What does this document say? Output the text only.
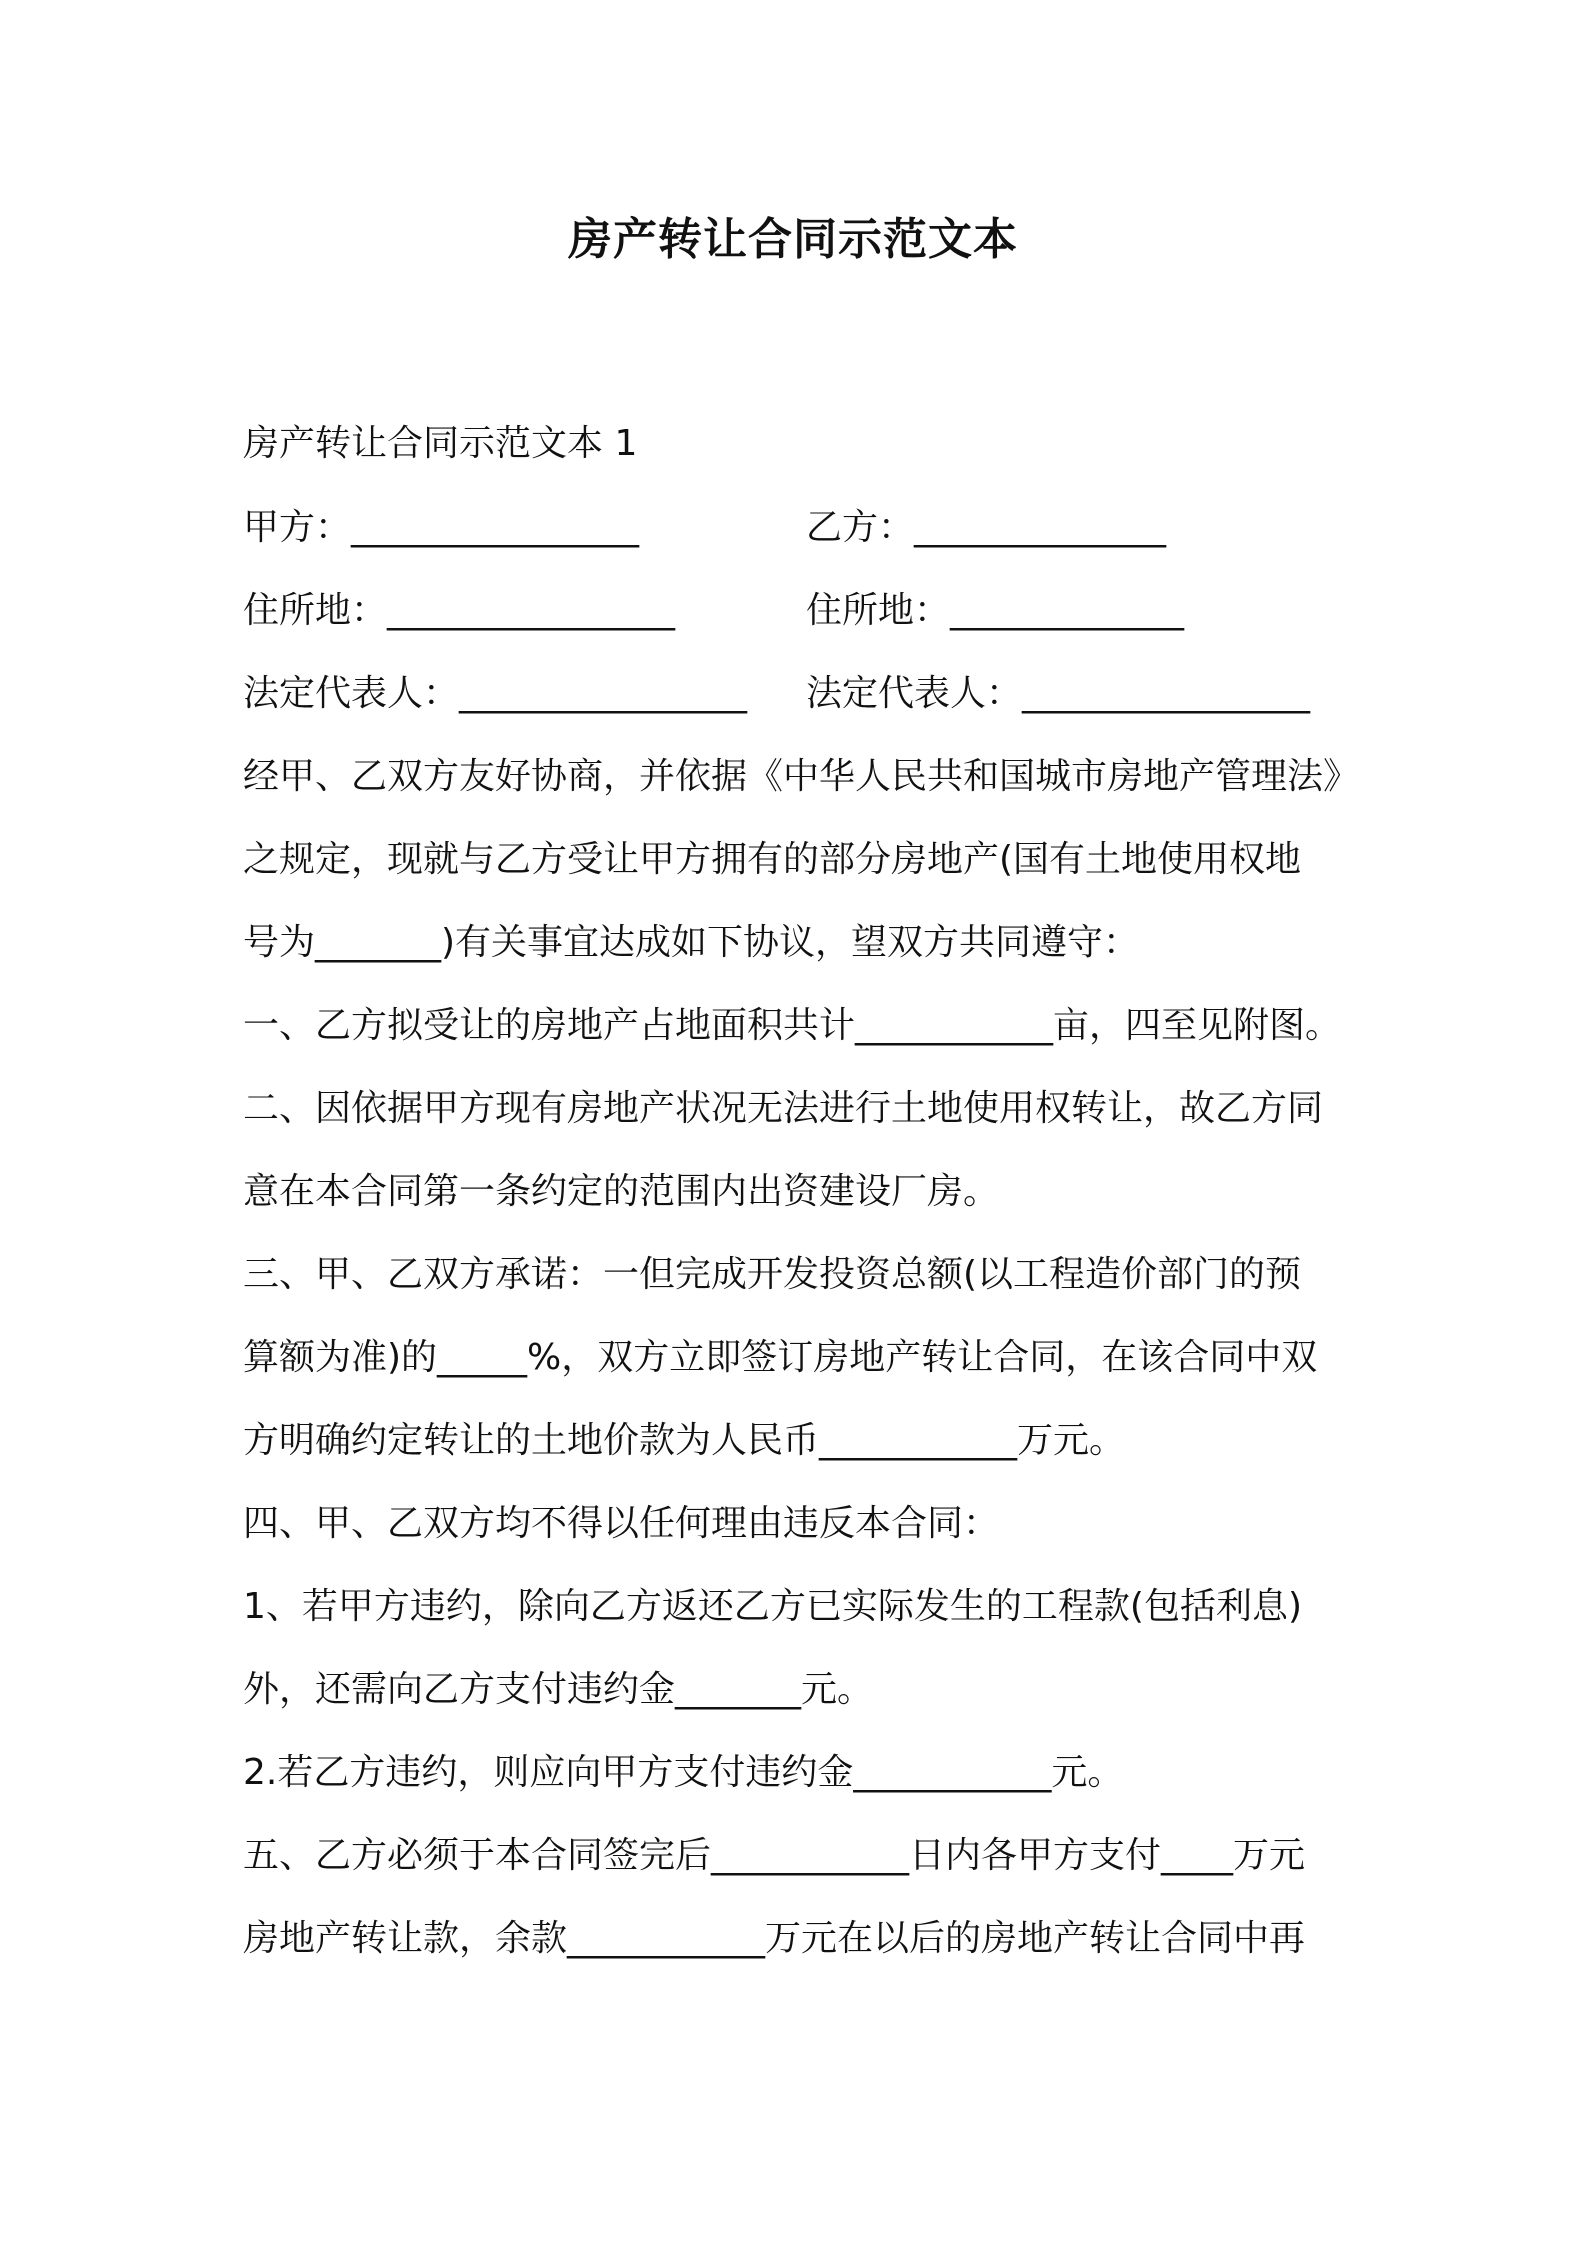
房产转让合同示范文本
房产转让合同示范文本 1
甲方：________________	乙方：______________
住所地：________________	住所地：_____________
法定代表人：________________ 法定代表人：________________
经甲、乙双方友好协商，并依据《中华人民共和国城市房地产管理法》
之规定，现就与乙方受让甲方拥有的部分房地产(国有土地使用权地
号为_______)有关事宜达成如下协议，望双方共同遵守：
一、乙方拟受让的房地产占地面积共计___________亩，四至见附图。
二、因依据甲方现有房地产状况无法进行土地使用权转让，故乙方同
意在本合同第一条约定的范围内出资建设厂房。
三、甲、乙双方承诺：一但完成开发投资总额(以工程造价部门的预
算额为准)的_____%，双方立即签订房地产转让合同，在该合同中双
方明确约定转让的土地价款为人民币___________万元。
四、甲、乙双方均不得以任何理由违反本合同：
1、若甲方违约，除向乙方返还乙方已实际发生的工程款(包括利息)
外，还需向乙方支付违约金_______元。
2.若乙方违约，则应向甲方支付违约金___________元。
五、乙方必须于本合同签完后___________日内各甲方支付____万元
房地产转让款，余款___________万元在以后的房地产转让合同中再
